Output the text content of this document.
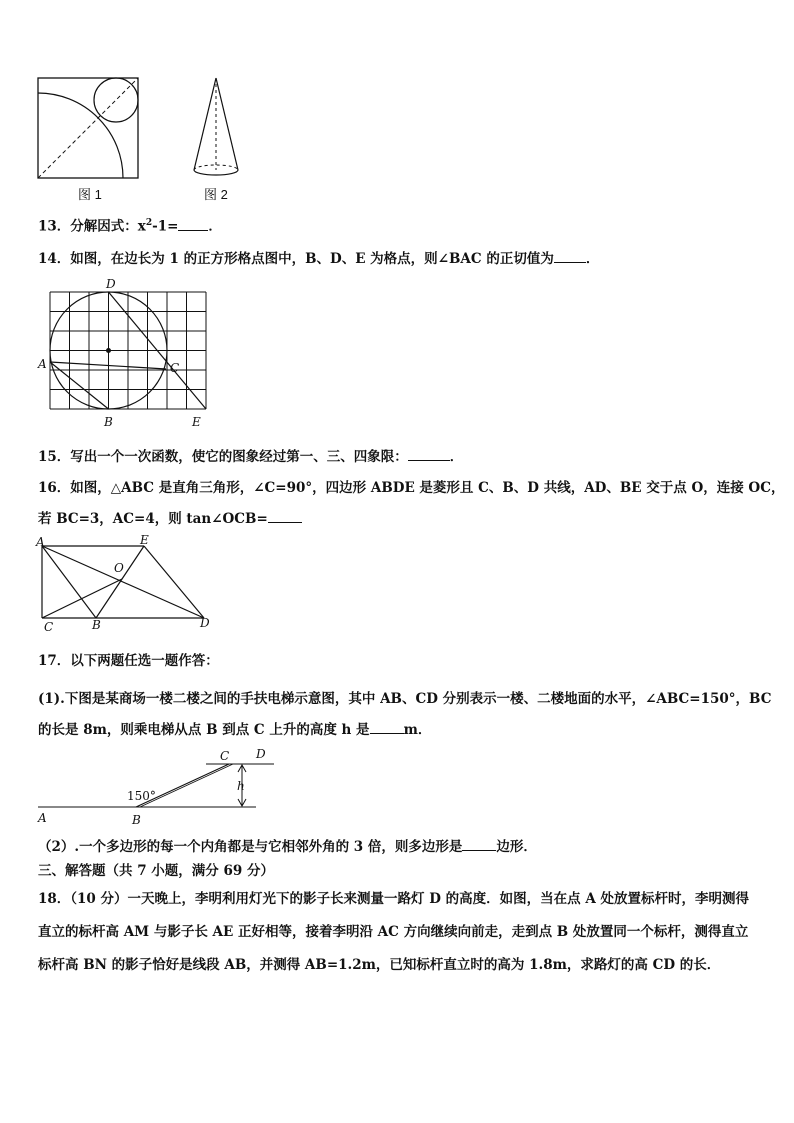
图 1	图 2
13．分解因式：$x^2-1=$ ．
14．如图，在边长为 1 的正方形格点图中，B、D、E 为格点，则∠BAC 的正切值为 ．
D
A	C
B	E
15．写出一个一次函数，使它的图象经过第一、三、四象限：	．
16．如图，△ABC 是直角三角形，∠C=90°，四边形 ABDE 是菱形且 C、B、D 共线，AD、BE 交于点 O，连接 OC，
若 BC=3，AC=4，则 tan∠OCB=
A	E
O
C	B	D
17．以下两题任选一题作答：
(1).下图是某商场一楼二楼之间的手扶电梯示意图，其中 AB、CD 分别表示一楼、二楼地面的水平，∠ABC=150°，BC
的长是 8m，则乘电梯从点 B 到点 C 上升的高度 h 是	m．
C D
h
150°
A	B
（2）.一个多边形的每一个内角都是与它相邻外角的 3 倍，则多边形是	边形．
三、解答题（共 7 小题，满分 69 分）
18．（10 分）一天晚上，李明利用灯光下的影子长来测量一路灯 D 的高度．如图，当在点 A 处放置标杆时，李明测得
直立的标杆高 AM 与影子长 AE 正好相等，接着李明沿 AC 方向继续向前走，走到点 B 处放置同一个标杆，测得直立
标杆高 BN 的影子恰好是线段 AB，并测得 AB=1.2m，已知标杆直立时的高为 1.8m，求路灯的高 CD 的长．
